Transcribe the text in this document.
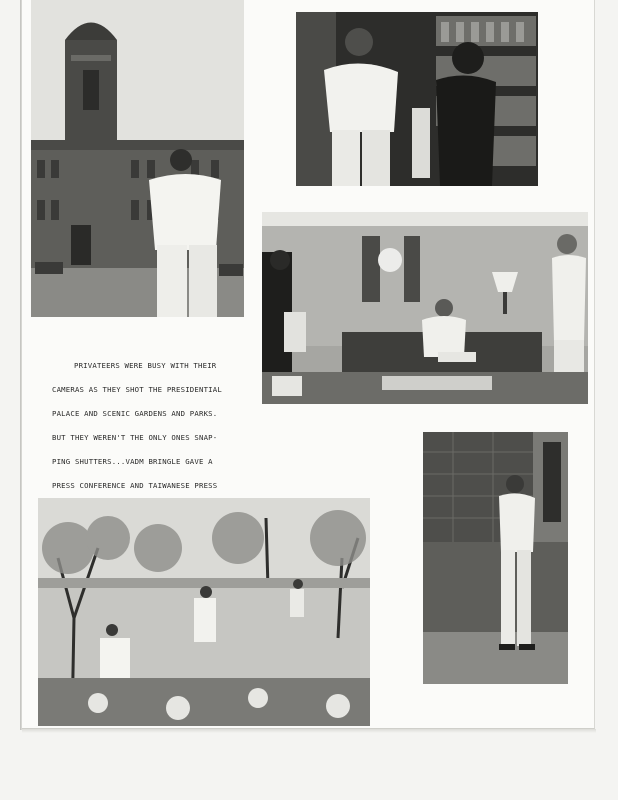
PRIVATEERS WERE BUSY WITH THEIR

CAMERAS AS THEY SHOT THE PRESIDENTIAL

PALACE AND SCENIC GARDENS AND PARKS.

BUT THEY WEREN'T THE ONLY ONES SNAP-

PING SHUTTERS...VADM BRINGLE GAVE A

PRESS CONFERENCE AND TAIWANESE PRESS
